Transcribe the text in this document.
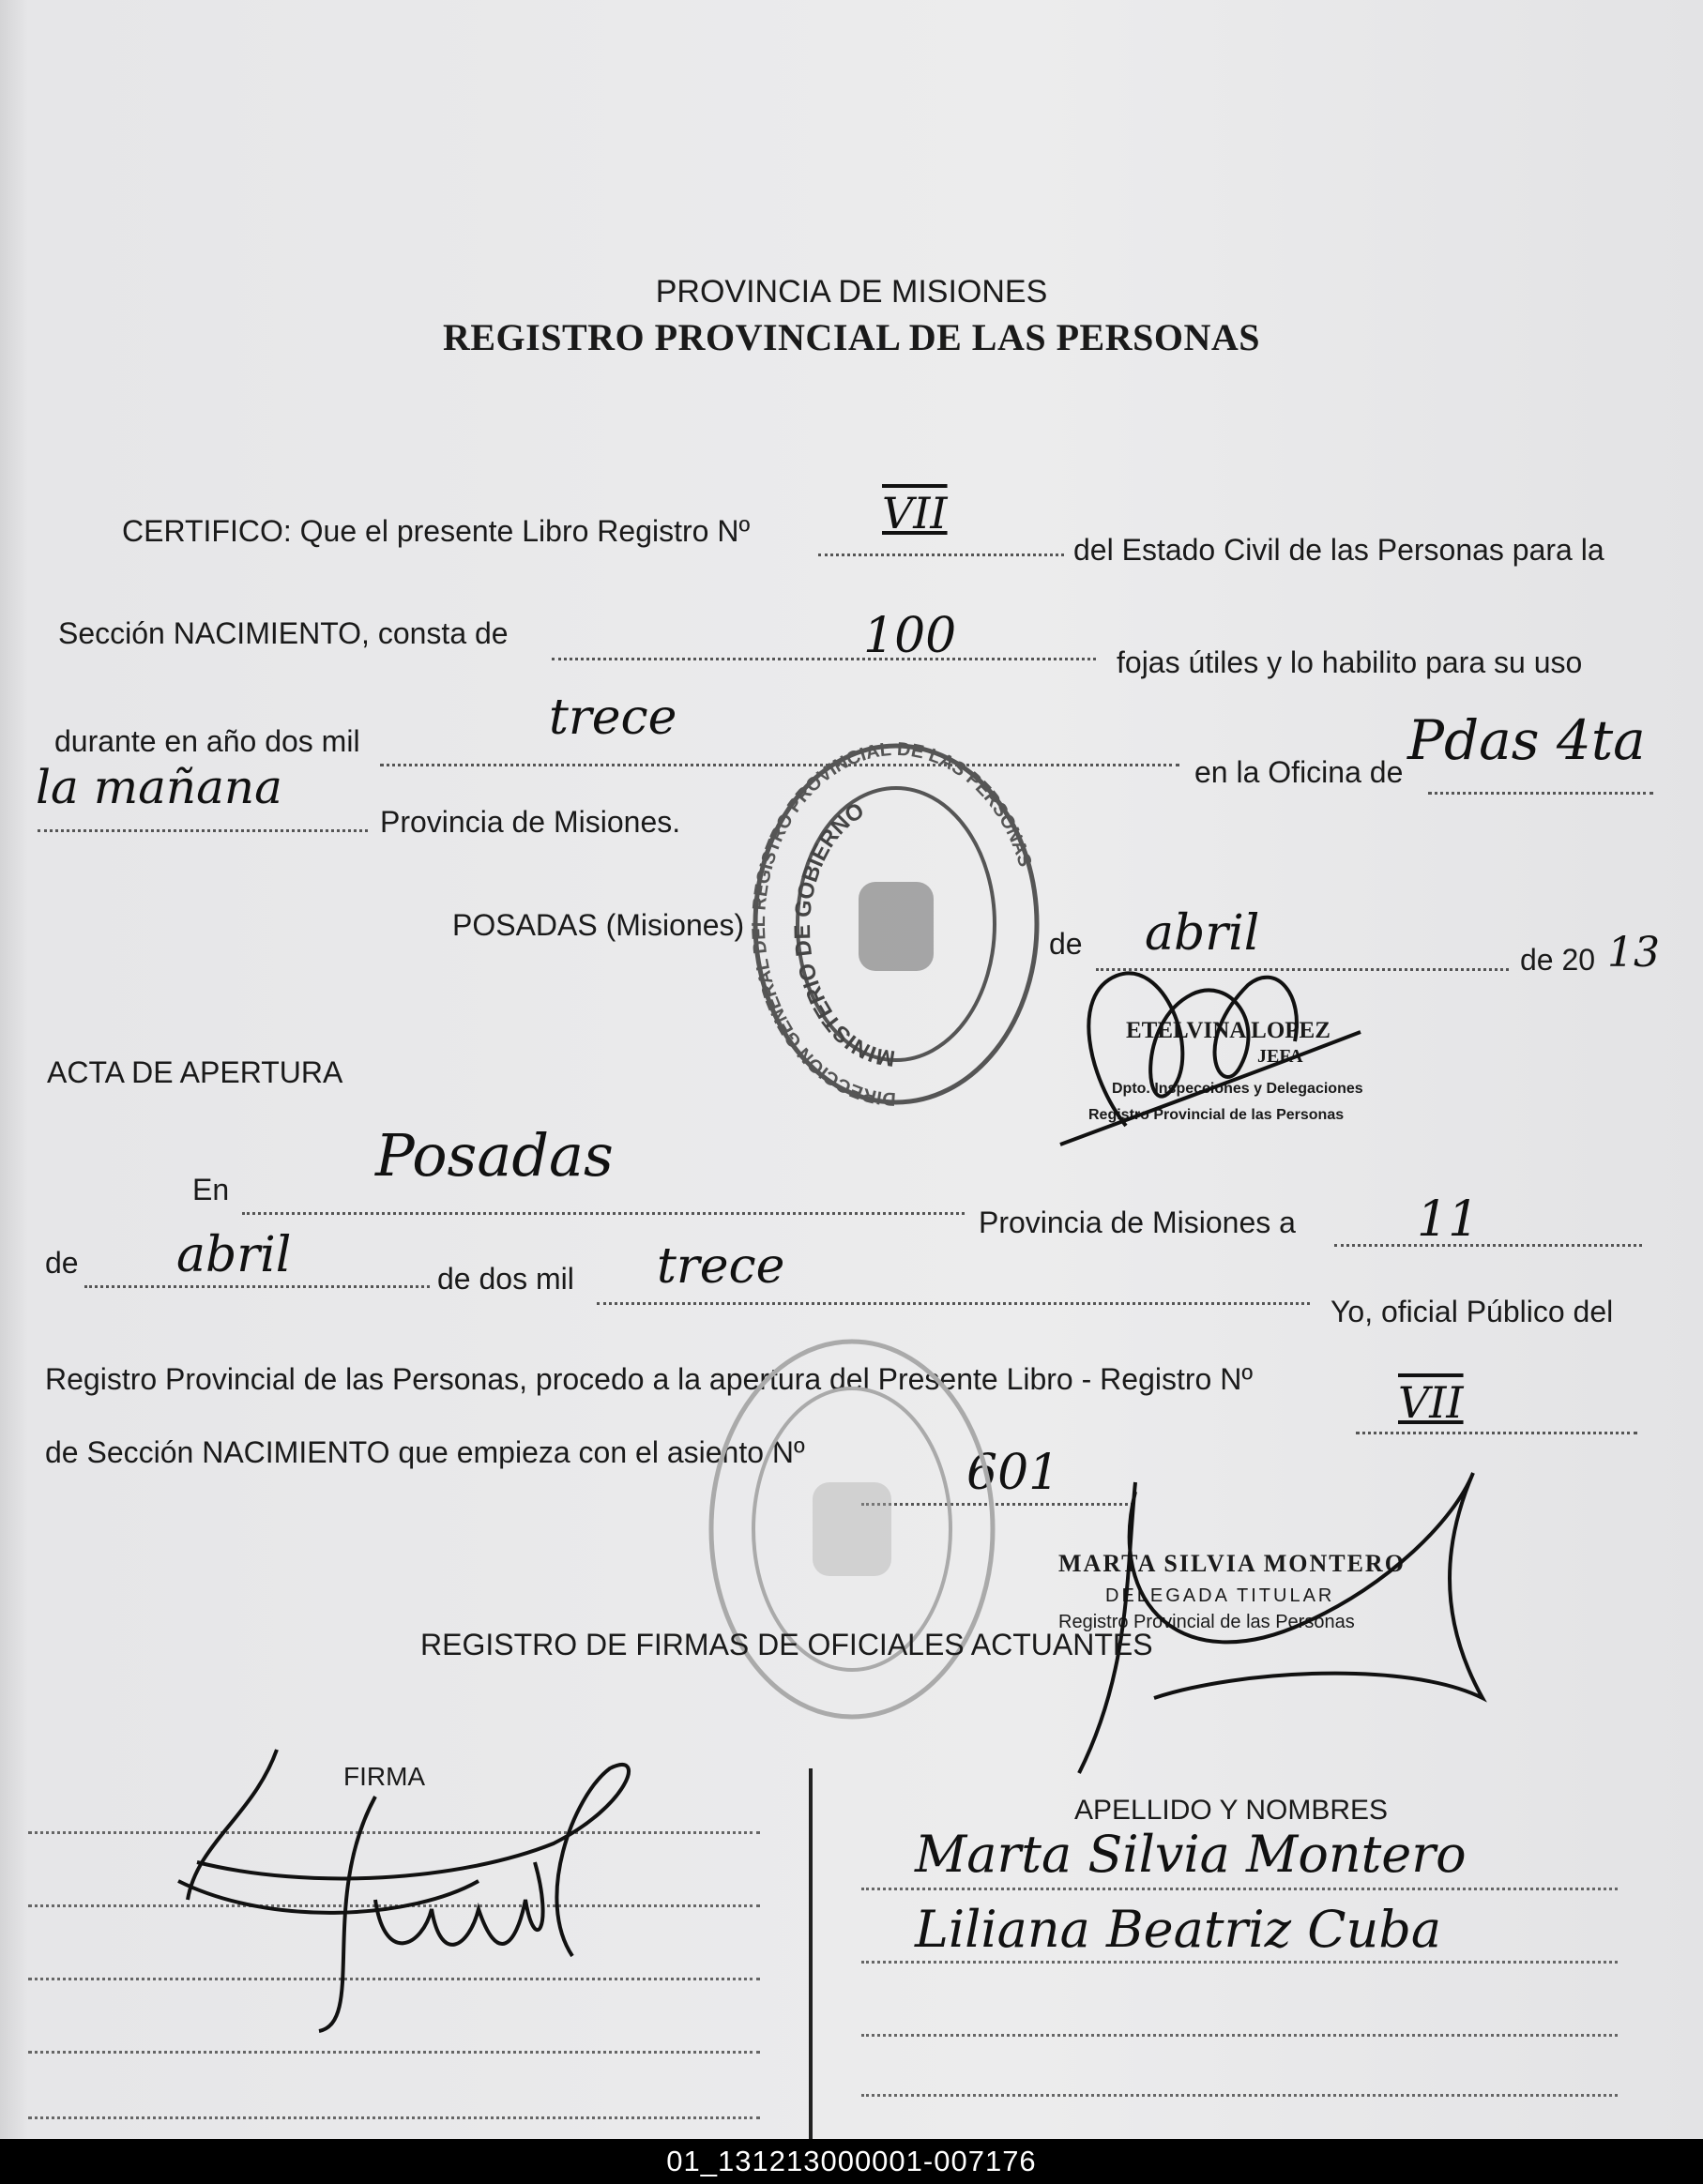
PROVINCIA DE MISIONES
REGISTRO PROVINCIAL DE LAS PERSONAS
CERTIFICO: Que el presente Libro Registro Nº	VII
del Estado Civil de las Personas para la
Sección NACIMIENTO, consta de	100	fojas útiles y lo habilito para su uso
durante en año dos mil	trece
en la Oficina de Pdas 4ta
la mañana
Provincia de Misiones.
POSADAS (Misiones)
de abril	de 20 13
DIRECCION GENERAL DEL REGISTRO PROVINCIAL DE LAS PERSONAS
MINISTERIO DE GOBIERNO
ETELVINA LOPEZ
JEFA
Dpto. Inspecciones y Delegaciones
Registro Provincial de las Personas
ACTA DE APERTURA
En	Posadas
Provincia de Misiones a 11
de abril	de dos mil trece
Yo, oficial Público del
Registro Provincial de las Personas, procedo a la apertura del Presente Libro - Registro Nº	VII
de Sección NACIMIENTO que empieza con el asiento Nº	601
MARTA SILVIA MONTERO
DELEGADA TITULAR
Registro Provincial de las Personas
REGISTRO DE FIRMAS DE OFICIALES ACTUANTES
FIRMA
APELLIDO Y NOMBRES
Marta Silvia Montero
Liliana Beatriz Cuba
01_131213000001-007176
